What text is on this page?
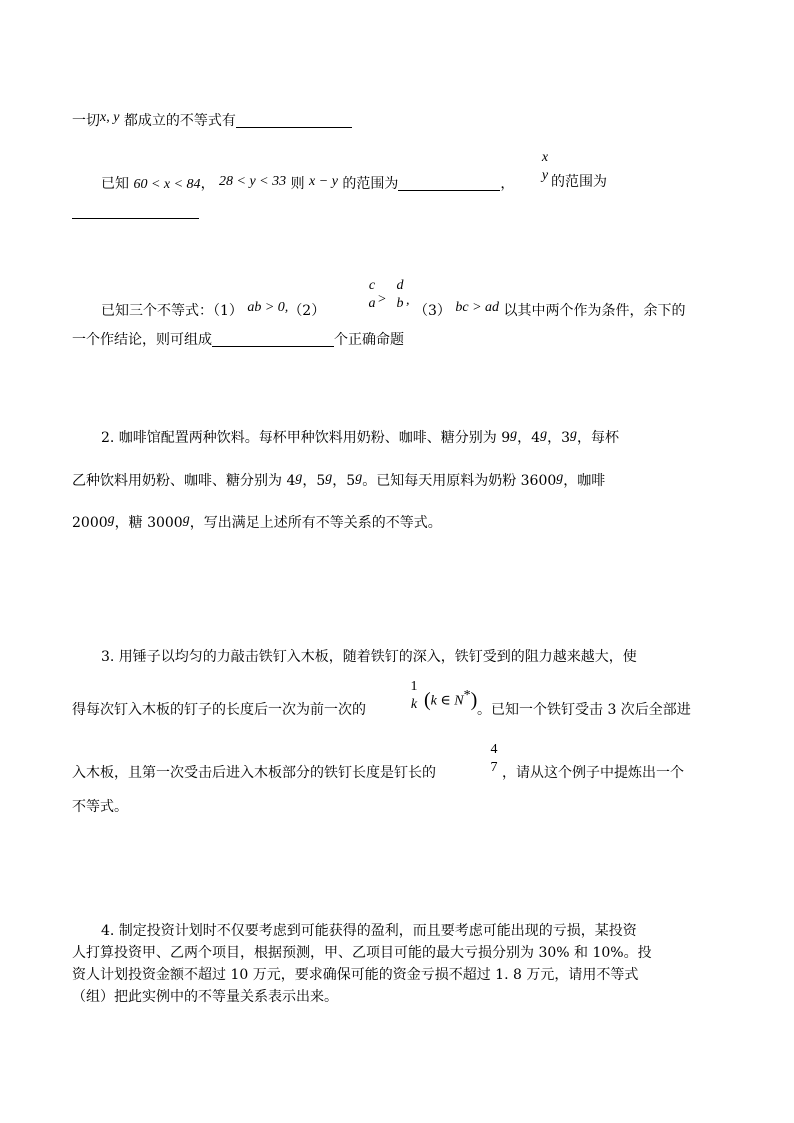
一切x, y 都成立的不等式有
已知 60 < x < 84， 28 < y < 33 则 x − y 的范围为	，
x
y 的范围为
已知三个不等式：（1） ab > 0,（2）
c
a >
d
b ,
（3） bc > ad 以其中两个作为条件，余下的
一个作结论，则可组成	个正确命题
2. 咖啡馆配置两种饮料。每杯甲种饮料用奶粉、咖啡、糖分别为 9g，4g，3g，每杯
乙种饮料用奶粉、咖啡、糖分别为 4g，5g，5g。已知每天用原料为奶粉 3600g，咖啡
2000g，糖 3000g，写出满足上述所有不等关系的不等式。
3. 用锤子以均匀的力敲击铁钉入木板，随着铁钉的深入，铁钉受到的阻力越来越大，使
得每次钉入木板的钉子的长度后一次为前一次的
1
k (k ∈ N*) 。已知一个铁钉受击 3 次后全部进
入木板，且第一次受击后进入木板部分的铁钉长度是钉长的
4
7 ，请从这个例子中提炼出一个
不等式。
4. 制定投资计划时不仅要考虑到可能获得的盈利，而且要考虑可能出现的亏损，某投资
人打算投资甲、乙两个项目，根据预测，甲、乙项目可能的最大亏损分别为 30% 和 10%。投
资人计划投资金额不超过 10 万元，要求确保可能的资金亏损不超过 1. 8 万元，请用不等式
（组）把此实例中的不等量关系表示出来。
